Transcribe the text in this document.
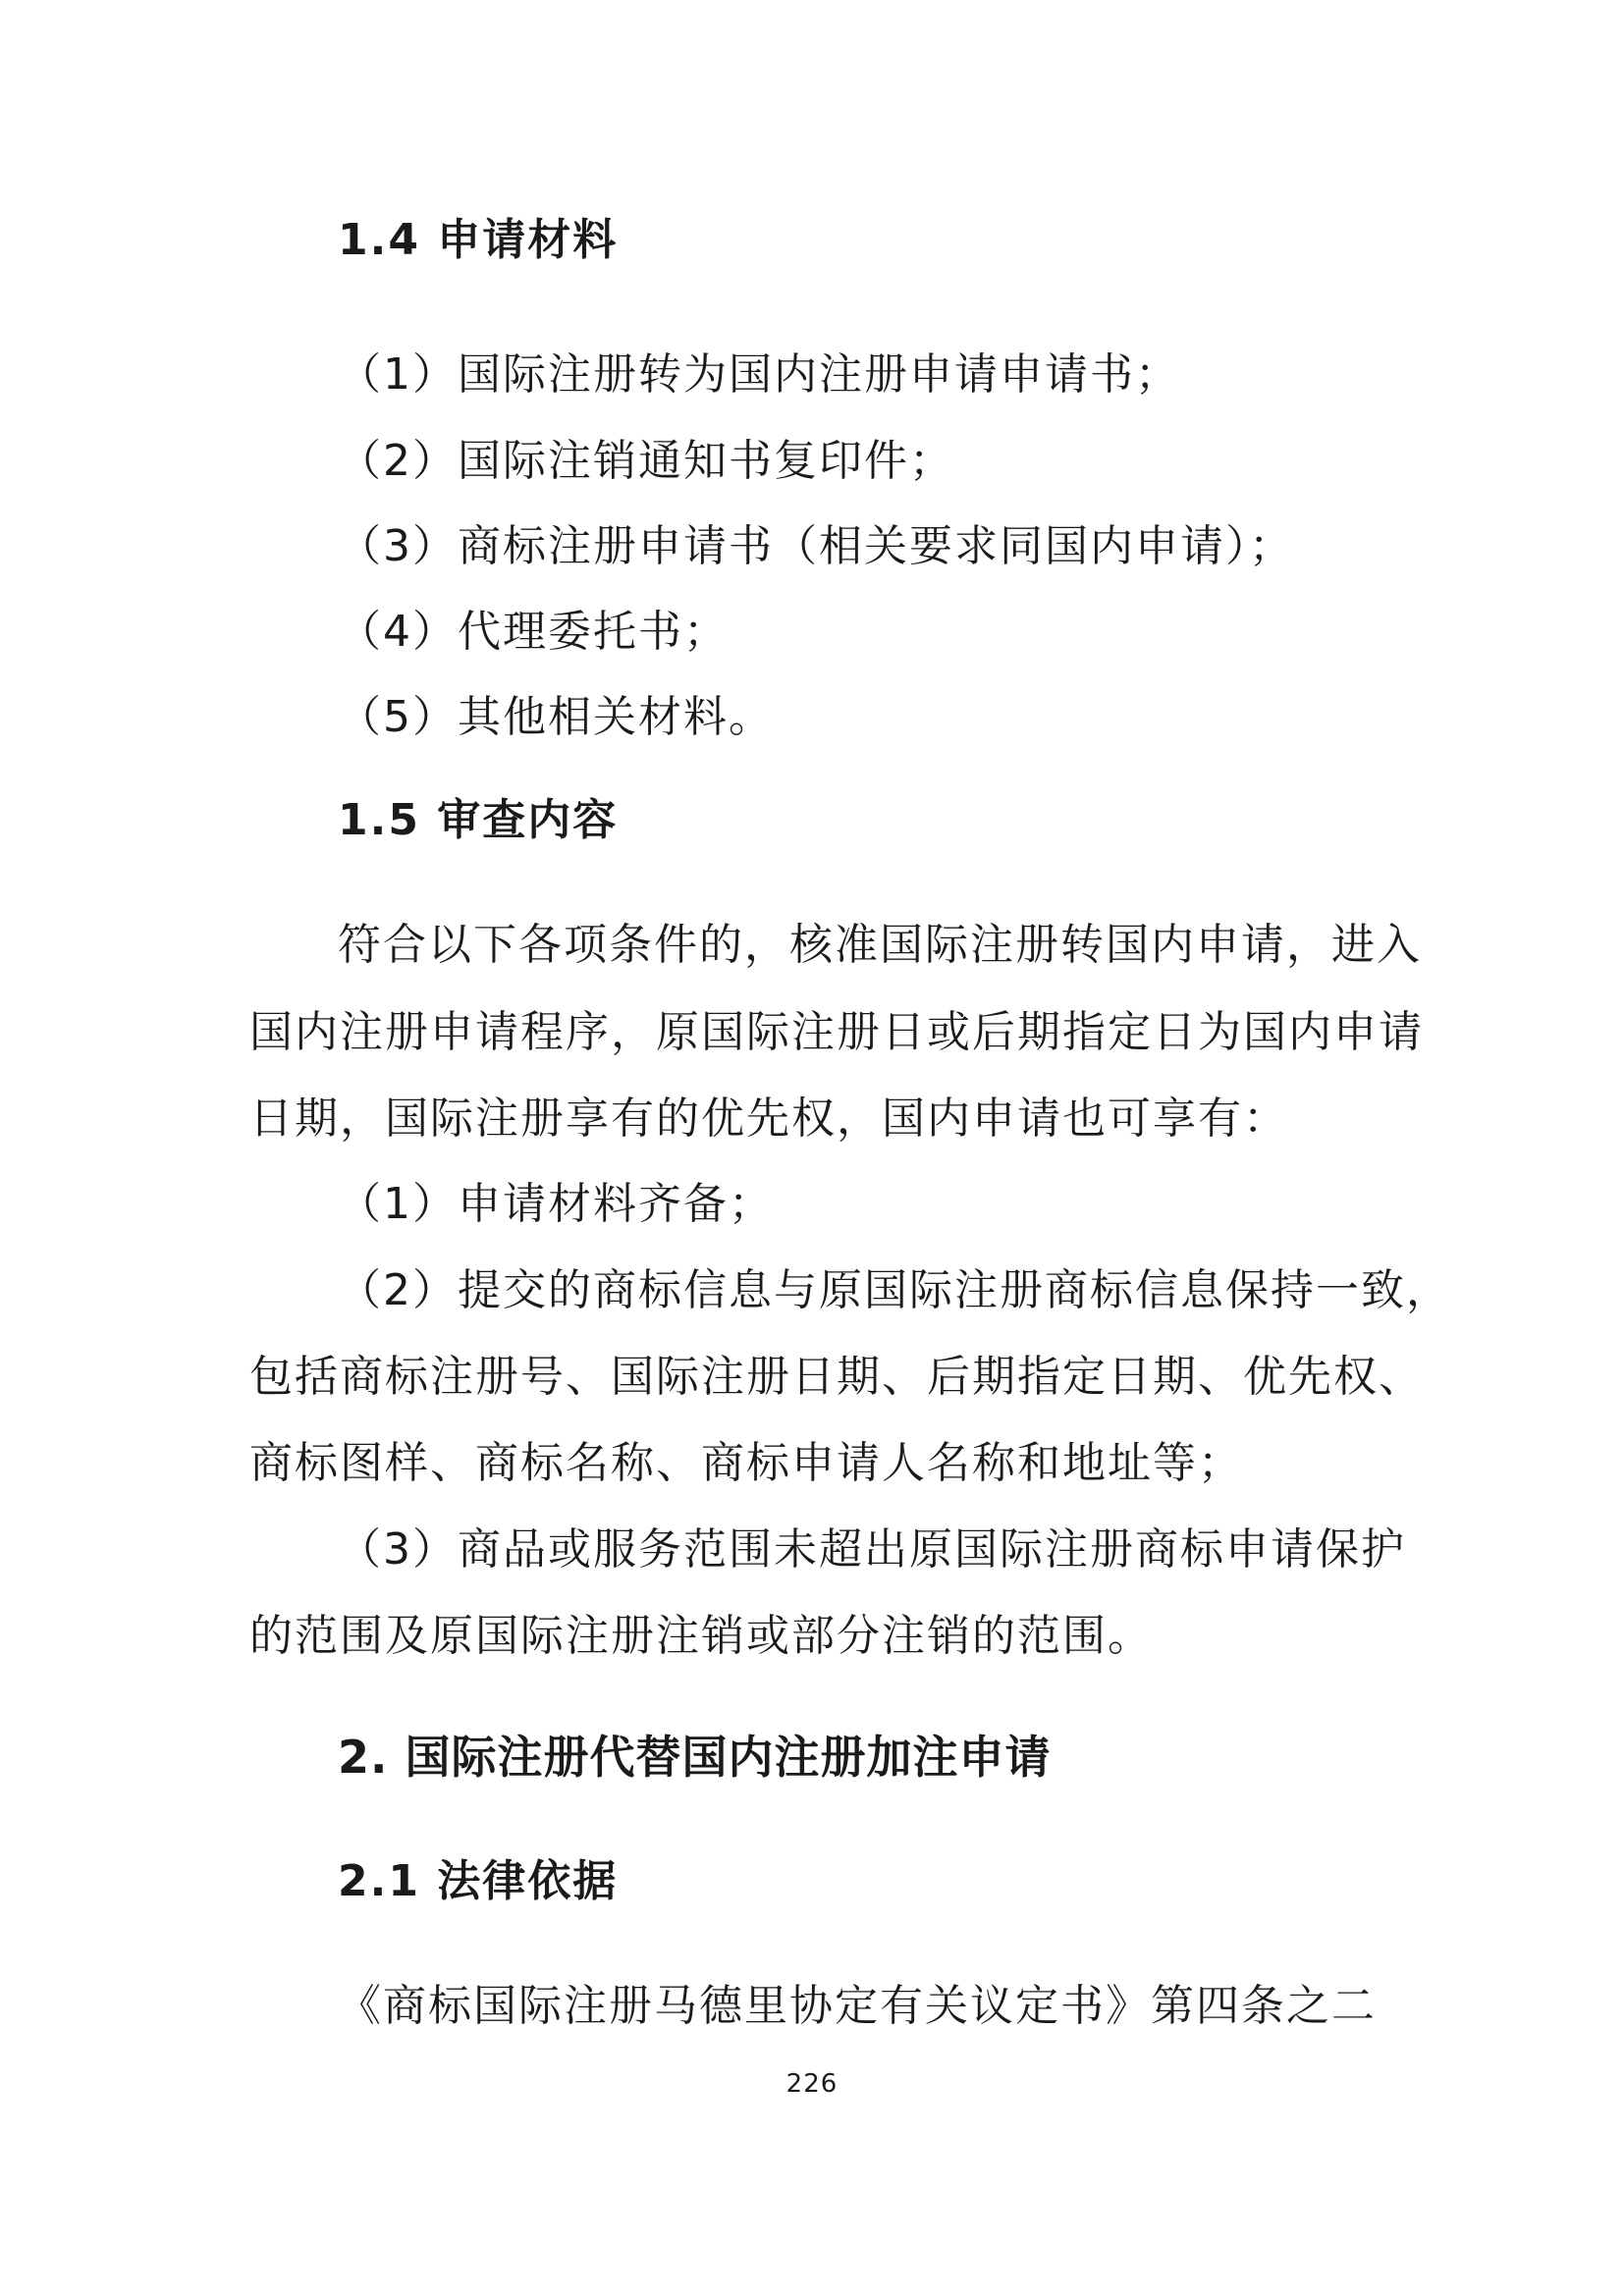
1.4 申请材料
（1）国际注册转为国内注册申请申请书；
（2）国际注销通知书复印件；
（3）商标注册申请书（相关要求同国内申请）；
（4）代理委托书；
（5）其他相关材料。
1.5 审查内容
符合以下各项条件的，核准国际注册转国内申请，进入
国内注册申请程序，原国际注册日或后期指定日为国内申请
日期，国际注册享有的优先权，国内申请也可享有：
（1）申请材料齐备；
（2）提交的商标信息与原国际注册商标信息保持一致，
包括商标注册号、国际注册日期、后期指定日期、优先权、
商标图样、商标名称、商标申请人名称和地址等；
（3）商品或服务范围未超出原国际注册商标申请保护
的范围及原国际注册注销或部分注销的范围。
2. 国际注册代替国内注册加注申请
2.1 法律依据
《商标国际注册马德里协定有关议定书》第四条之二
226
